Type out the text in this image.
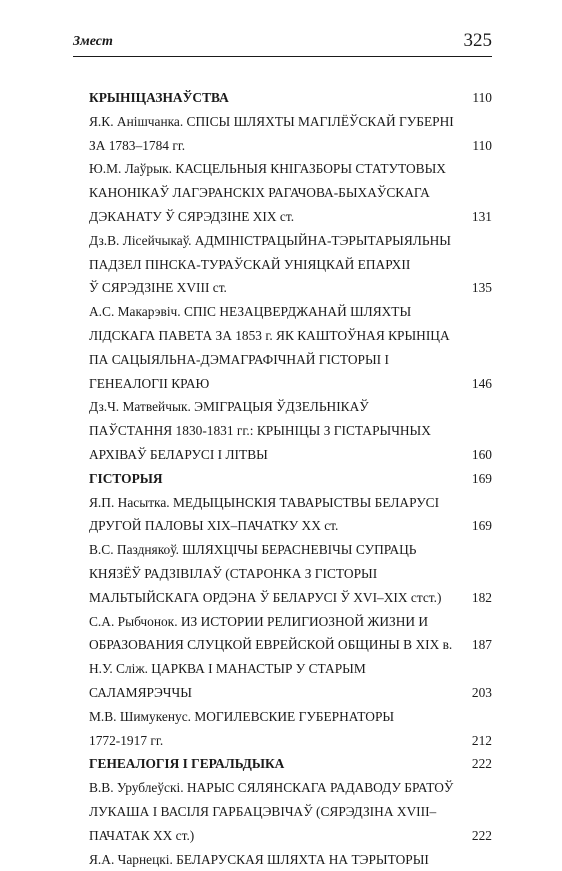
Змест	325
КРЫНІЦАЗНАЎСТВА	110
Я.К. Анішчанка. СПІСЫ ШЛЯХТЫ МАГІЛЁЎСКАЙ ГУБЕРНІ
ЗА 1783–1784 гг.	110
Ю.М. Лаўрык. КАСЦЕЛЬНЫЯ КНІГАЗБОРЫ СТАТУТОВЫХ
КАНОНІКАЎ ЛАГЭРАНСКІХ РАГАЧОВА-БЫХАЎСКАГА
ДЭКАНАТУ Ў СЯРЭДЗІНЕ XIX ст.	131
Дз.В. Лісейчыкаў. АДМІНІСТРАЦЫЙНА-ТЭРЫТАРЫЯЛЬНЫ
ПАДЗЕЛ ПІНСКА-ТУРАЎСКАЙ УНІЯЦКАЙ ЕПАРХІІ
Ў СЯРЭДЗІНЕ XVIII ст.	135
А.С. Макарэвіч. СПІС НЕЗАЦВЕРДЖАНАЙ ШЛЯХТЫ
ЛІДСКАГА ПАВЕТА ЗА 1853 г. ЯК КАШТОЎНАЯ КРЫНІЦА
ПА САЦЫЯЛЬНА-ДЭМАГРАФІЧНАЙ ГІСТОРЫІ І
ГЕНЕАЛОГІІ КРАЮ	146
Дз.Ч. Матвейчык. ЭМІГРАЦЫЯ ЎДЗЕЛЬНІКАЎ
ПАЎСТАННЯ 1830-1831 гг.: КРЫНІЦЫ З ГІСТАРЫЧНЫХ
АРХІВАЎ БЕЛАРУСІ І ЛІТВЫ	160
ГІСТОРЫЯ	169
Я.П. Насытка. МЕДЫЦЫНСКІЯ ТАВАРЫСТВЫ БЕЛАРУСІ
ДРУГОЙ ПАЛОВЫ XIX–ПАЧАТКУ XX ст.	169
В.С. Пазднякоў. ШЛЯХЦІЧЫ БЕРАСНЕВІЧЫ СУПРАЦЬ
КНЯЗЁЎ РАДЗІВІЛАЎ (СТАРОНКА З ГІСТОРЫІ
МАЛЬТЫЙСКАГА ОРДЭНА Ў БЕЛАРУСІ Ў XVI–XIX стст.)	182
С.А. Рыбчонок. ИЗ ИСТОРИИ РЕЛИГИОЗНОЙ ЖИЗНИ И
ОБРАЗОВАНИЯ СЛУЦКОЙ ЕВРЕЙСКОЙ ОБЩИНЫ В XIX в.	187
Н.У. Сліж. ЦАРКВА І МАНАСТЫР У СТАРЫМ
САЛАМЯРЭЧЧЫ	203
М.В. Шимукенус. МОГИЛЕВСКИЕ ГУБЕРНАТОРЫ
1772-1917 гг.	212
ГЕНЕАЛОГІЯ І ГЕРАЛЬДЫКА	222
В.В. Урублеўскі. НАРЫС СЯЛЯНСКАГА РАДАВОДУ БРАТОЎ
ЛУКАША І ВАСІЛЯ ГАРБАЦЭВІЧАЎ (СЯРЭДЗІНА XVIII–
ПАЧАТАК XX ст.)	222
Я.А. Чарнецкі. БЕЛАРУСКАЯ ШЛЯХТА НА ТЭРЫТОРЫІ
